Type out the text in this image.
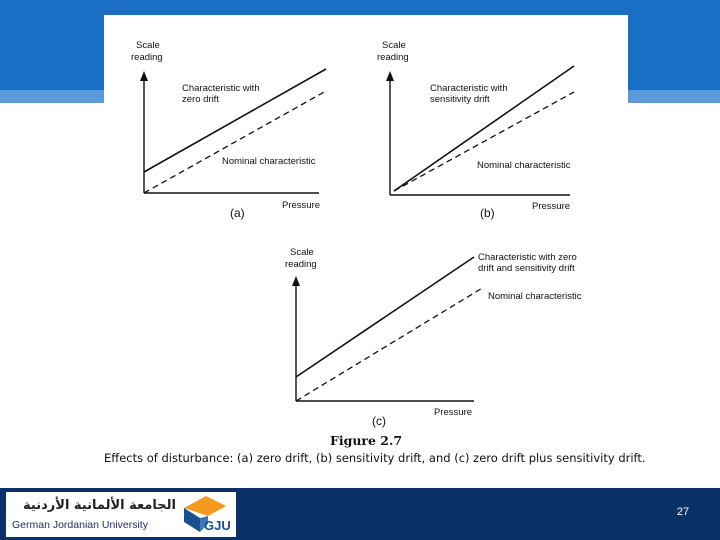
Scale
reading
Characteristic with
zero drift
Nominal characteristic
Pressure
(a)
Scale
reading
Characteristic with
sensitivity drift
Nominal characteristic
Pressure
(b)
Scale
reading
Characteristic with zero
drift and sensitivity drift
Nominal characteristic
Pressure
(c)
Figure 2.7
Effects of disturbance: (a) zero drift, (b) sensitivity drift, and (c) zero drift plus sensitivity drift.
الجامعة الألمانية الأردنية
German Jordanian University	GJU
27
